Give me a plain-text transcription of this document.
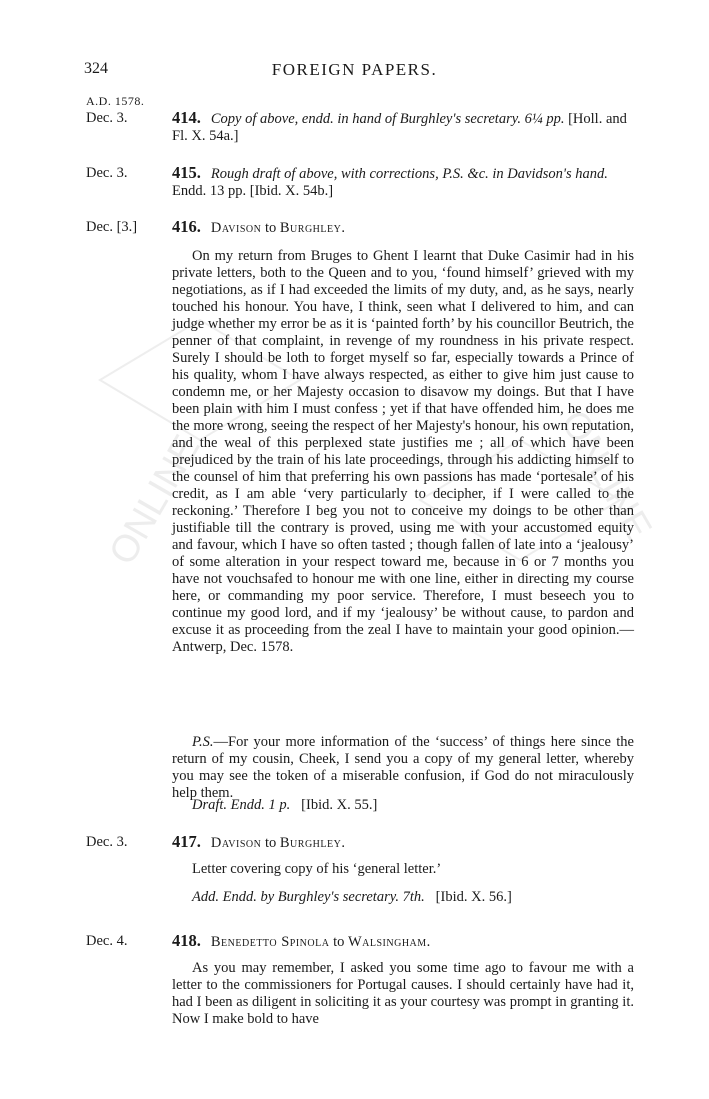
ONLINE	ONLINE
324	FOREIGN PAPERS.
A.D. 1578.
Dec. 3.	414. Copy of above, endd. in hand of Burghley's secretary. 6¼ pp. [Holl. and Fl. X. 54a.]

Dec. 3.	415. Rough draft of above, with corrections, P.S. &c. in Davidson's hand. Endd. 13 pp. [Ibid. X. 54b.]

Dec. [3.] 416. Davison to Burghley.

On my return from Bruges to Ghent I learnt that Duke Casimir had in his private letters, both to the Queen and to you, ‘found himself’ grieved with my negotiations, as if I had exceeded the limits of my duty, and, as he says, nearly touched his honour. You have, I think, seen what I delivered to him, and can judge whether my error be as it is ‘painted forth’ by his councillor Beutrich, the penner of that complaint, in revenge of my roundness in his private respect. Surely I should be loth to forget myself so far, especially towards a Prince of his quality, whom I have always respected, as either to give him just cause to condemn me, or her Majesty occasion to disavow my doings. But that I have been plain with him I must confess ; yet if that have offended him, he does me the more wrong, seeing the respect of her Majesty's honour, his own reputation, and the weal of this perplexed state justifies me ; all of which have been prejudiced by the train of his late proceedings, through his addicting himself to the counsel of him that preferring his own passions has made ‘portesale’ of his credit, as I am able ‘very particularly to decipher, if I were called to the reckoning.’ Therefore I beg you not to conceive my doings to be other than justifiable till the contrary is proved, using me with your accustomed equity and favour, which I have so often tasted ; though fallen of late into a ‘jealousy’ of some alteration in your respect toward me, because in 6 or 7 months you have not vouchsafed to honour me with one line, either in directing my course here, or commanding my poor service. Therefore, I must beseech you to continue my good lord, and if my ‘jealousy’ be without cause, to pardon and excuse it as proceeding from the zeal I have to maintain your good opinion.—Antwerp, Dec. 1578.

P.S.—For your more information of the ‘success’ of things here since the return of my cousin, Cheek, I send you a copy of my general letter, whereby you may see the token of a miserable confusion, if God do not miraculously help them.

Draft. Endd. 1 p. [Ibid. X. 55.]

Dec. 3.	417. Davison to Burghley.

Letter covering copy of his ‘general letter.’

Add. Endd. by Burghley's secretary. 7th. [Ibid. X. 56.]

Dec. 4.	418. Benedetto Spinola to Walsingham.

As you may remember, I asked you some time ago to favour me with a letter to the commissioners for Portugal causes. I should certainly have had it, had I been as diligent in soliciting it as your courtesy was prompt in granting it. Now I make bold to have
